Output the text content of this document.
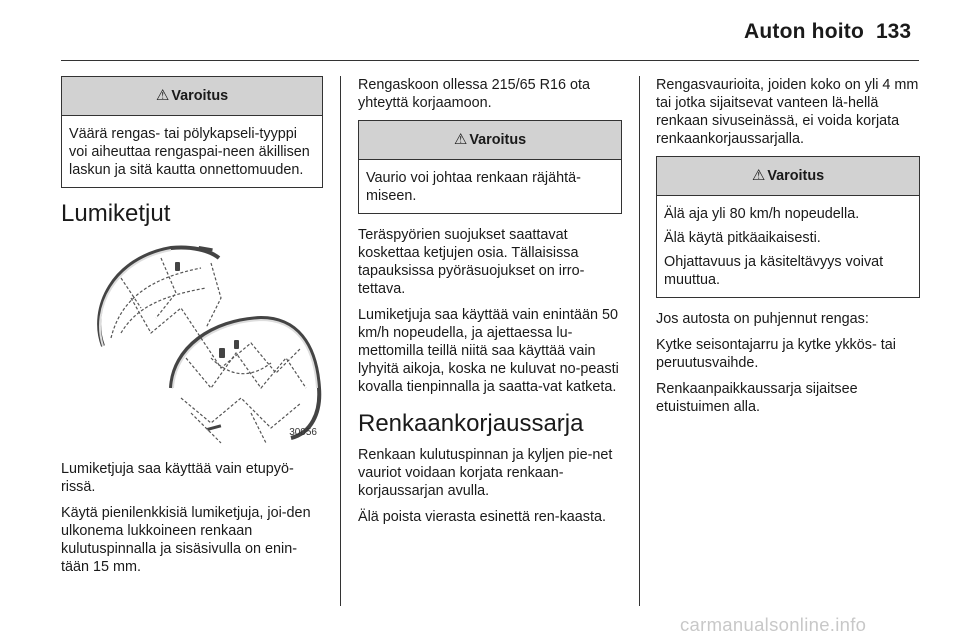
Auton hoito 133
⚠ Varoitus

Väärä rengas- tai pölykapseli-tyyppi voi aiheuttaa rengaspai-neen äkillisen laskun ja sitä kautta onnettomuuden.

Lumiketjut
30056

Lumiketjuja saa käyttää vain etupyö-rissä.

Käytä pienilenkkisiä lumiketjuja, joi-den ulkonema lukkoineen renkaan kulutuspinnalla ja sisäsivulla on enin-tään 15 mm.

Rengaskoon ollessa 215/65 R16 ota yhteyttä korjaamoon.

⚠ Varoitus

Vaurio voi johtaa renkaan räjähtä-miseen.

Teräspyörien suojukset saattavat koskettaa ketjujen osia. Tällaisissa tapauksissa pyöräsuojukset on irro-tettava.

Lumiketjuja saa käyttää vain enintään 50 km/h nopeudella, ja ajettaessa lu-mettomilla teillä niitä saa käyttää vain lyhyitä aikoja, koska ne kuluvat no-peasti kovalla tienpinnalla ja saatta-vat katketa.

Renkaankorjaussarja

Renkaan kulutuspinnan ja kyljen pie-net vauriot voidaan korjata renkaan-korjaussarjan avulla.

Älä poista vierasta esinettä ren-kaasta.

Rengasvaurioita, joiden koko on yli 4 mm tai jotka sijaitsevat vanteen lä-hellä renkaan sivuseinässä, ei voida korjata renkaankorjaussarjalla.

⚠ Varoitus

Älä aja yli 80 km/h nopeudella.

Älä käytä pitkäaikaisesti.

Ohjattavuus ja käsiteltävyys voivat muuttua.

Jos autosta on puhjennut rengas:

Kytke seisontajarru ja kytke ykkös- tai peruutusvaihde.

Renkaanpaikkaussarja sijaitsee etuistuimen alla.

carmanualsonline.info
